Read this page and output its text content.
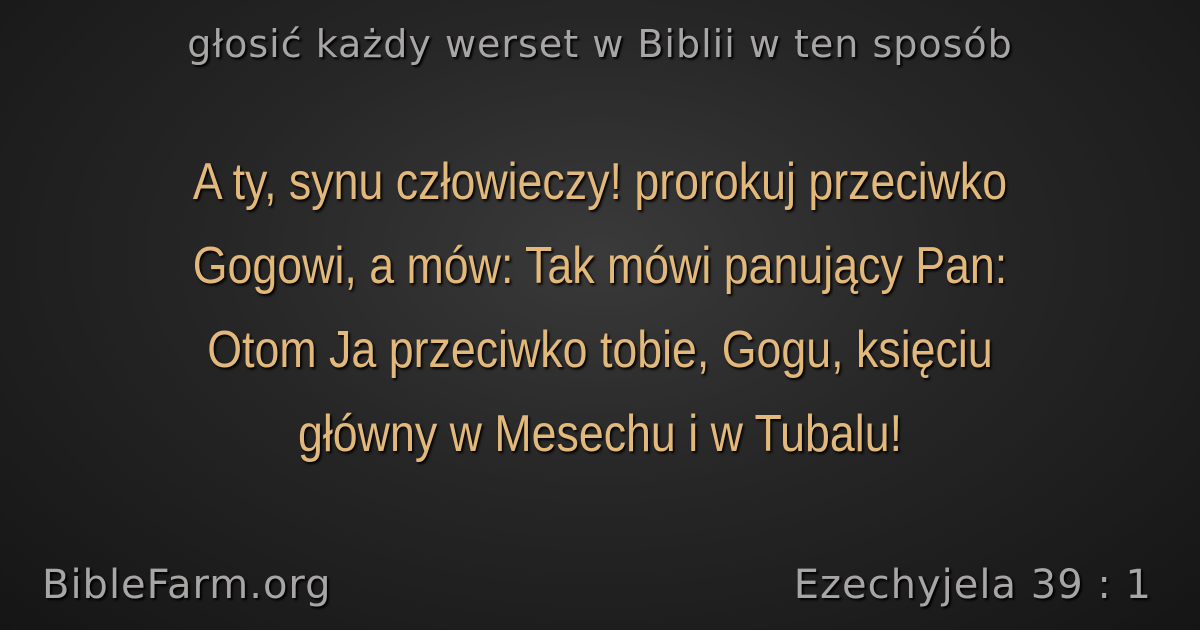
głosić każdy werset w Biblii w ten sposób
A ty, synu człowieczy! prorokuj przeciwko Gogowi, a mów: Tak mówi panujący Pan: Otom Ja przeciwko tobie, Gogu, księciu główny w Mesechu i w Tubalu!
BibleFarm.org	Ezechyjela 39 : 1
